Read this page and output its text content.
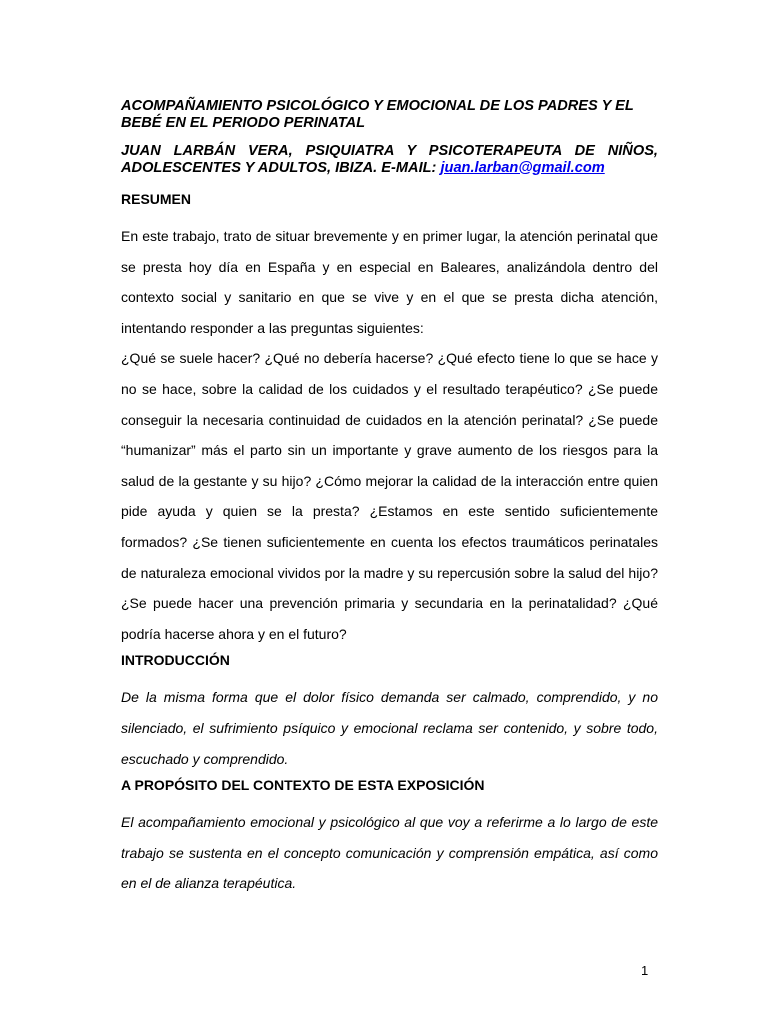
ACOMPAÑAMIENTO PSICOLÓGICO Y EMOCIONAL DE LOS PADRES Y EL BEBÉ EN EL PERIODO PERINATAL

JUAN LARBÁN VERA, PSIQUIATRA Y PSICOTERAPEUTA DE NIÑOS, ADOLESCENTES Y ADULTOS, IBIZA. E-MAIL: juan.larban@gmail.com

RESUMEN

En este trabajo, trato de situar brevemente y en primer lugar, la atención perinatal que se presta hoy día en España y en especial en Baleares, analizándola dentro del contexto social y sanitario en que se vive y en el que se presta dicha atención, intentando responder a las preguntas siguientes:

¿Qué se suele hacer? ¿Qué no debería hacerse? ¿Qué efecto tiene lo que se hace y no se hace, sobre la calidad de los cuidados y el resultado terapéutico? ¿Se puede conseguir la necesaria continuidad de cuidados en la atención perinatal? ¿Se puede “humanizar” más el parto sin un importante y grave aumento de los riesgos para la salud de la gestante y su hijo? ¿Cómo mejorar la calidad de la interacción entre quien pide ayuda y quien se la presta? ¿Estamos en este sentido suficientemente formados? ¿Se tienen suficientemente en cuenta los efectos traumáticos perinatales de naturaleza emocional vividos por la madre y su repercusión sobre la salud del hijo? ¿Se puede hacer una prevención primaria y secundaria en la perinatalidad? ¿Qué podría hacerse ahora y en el futuro?

INTRODUCCIÓN

De la misma forma que el dolor físico demanda ser calmado, comprendido, y no silenciado, el sufrimiento psíquico y emocional reclama ser contenido, y sobre todo, escuchado y comprendido.

A PROPÓSITO DEL CONTEXTO DE ESTA EXPOSICIÓN

El acompañamiento emocional y psicológico al que voy a referirme a lo largo de este trabajo se sustenta en el concepto comunicación y comprensión empática, así como en el de alianza terapéutica.

1
